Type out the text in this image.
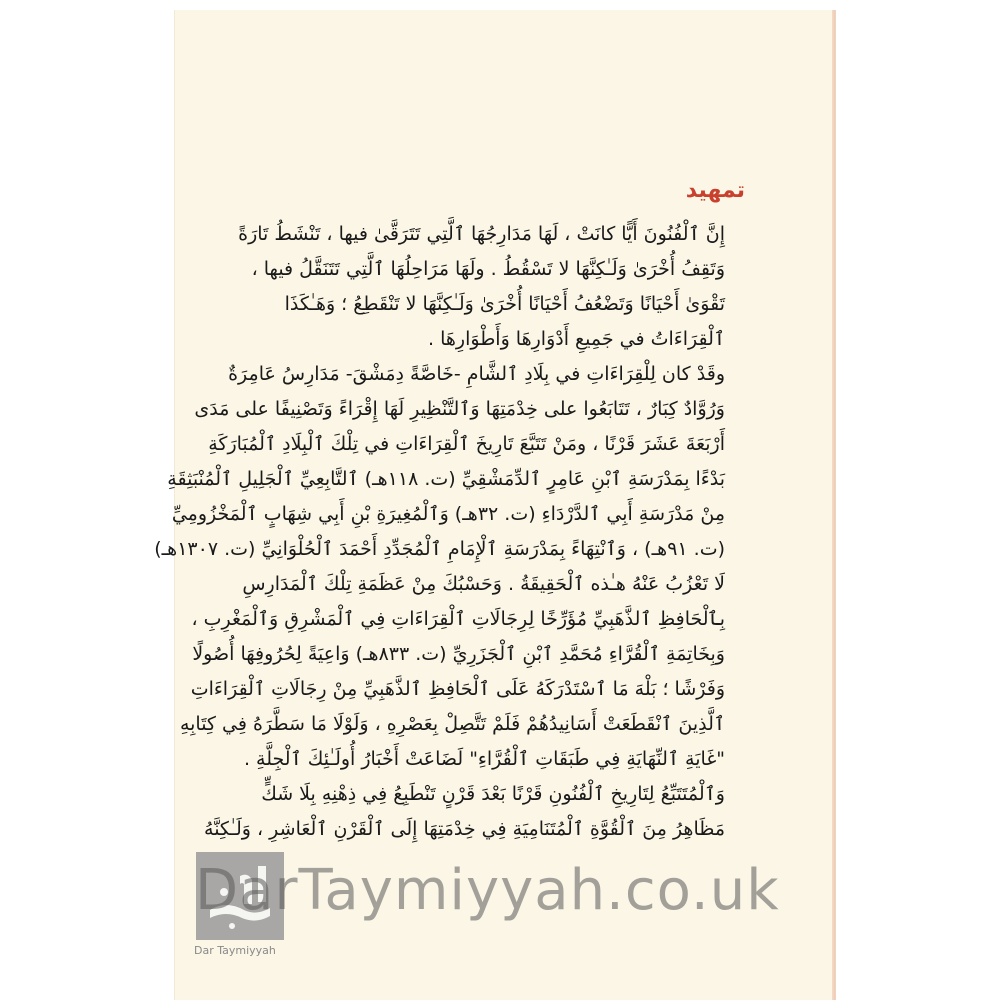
تمهيد

إِنَّ ٱلْفُنُونَ أَيًّا كانَتْ ، لَهَا مَدَارِجُهَا ٱلَّتِي تَتَرَقَّىٰ فيها ، تَنْشَطُ تَارَةً
وَتَقِفُ أُخْرَىٰ وَلَـٰكِنَّهَا لا تَسْقُطُ . ولَهَا مَرَاحِلُهَا ٱلَّتِي تَتَنَقَّلُ فيها ،
تَقْوَىٰ أَحْيَانًا وَتَضْعُفُ أَحْيَانًا أُخْرَىٰ وَلَـٰكِنَّهَا لا تَنْقَطِعُ ؛ وَهَـٰكَذَا
ٱلْقِرَاءَاتُ في جَمِيعِ أَدْوَارِهَا وَأَطْوَارِهَا .

وقَدْ كان لِلْقِرَاءَاتِ في بِلَادِ ٱلشَّامِ -خَاصَّةً دِمَشْقَ- مَدَارِسُ عَامِرَةٌ
وَرُوَّادٌ كِبَارٌ ، تَتَابَعُوا على خِدْمَتِهَا وَٱلتَّنْظِيرِ لَهَا إِقْرَاءً وَتَصْنِيفًا على مَدَى
أَرْبَعَةَ عَشَرَ قَرْنًا ، ومَنْ تَتَبَّعَ تَارِيخَ ٱلْقِرَاءَاتِ في تِلْكَ ٱلْبِلَادِ ٱلْمُبَارَكَةِ
بَدْءًا بِمَدْرَسَةِ ٱبْنِ عَامِرٍ ٱلدِّمَشْقِيِّ (ت. ١١٨هـ) ٱلتَّابِعِيِّ ٱلْجَلِيلِ ٱلْمُنْبَثِقَةِ
مِنْ مَدْرَسَةِ أَبِي ٱلدَّرْدَاءِ (ت. ٣٢هـ) وَٱلْمُغِيرَةِ بْنِ أَبِي شِهَابٍ ٱلْمَخْزُومِيِّ
(ت. ٩١هـ) ، وَٱنْتِهَاءً بِمَدْرَسَةِ ٱلْإِمَامِ ٱلْمُجَدِّدِ أَحْمَدَ ٱلْحُلْوَانِيِّ (ت. ١٣٠٧هـ)
لَا تَعْزُبُ عَنْهُ هـٰذه ٱلْحَقِيقَةُ . وَحَسْبُكَ مِنْ عَظَمَةِ تِلْكَ ٱلْمَدَارِسِ
بِٱلْحَافِظِ ٱلذَّهَبِيِّ مُؤَرِّخًا لِرِجَالَاتِ ٱلْقِرَاءَاتِ فِي ٱلْمَشْرِقِ وَٱلْمَغْرِبِ ،
وَبِخَاتِمَةِ ٱلْقُرَّاءِ مُحَمَّدِ ٱبْنِ ٱلْجَزَرِيِّ (ت. ٨٣٣هـ) وَاعِيَةً لِحُرُوفِهَا أُصُولًا
وَفَرْشًا ؛ بَلْهَ مَا ٱسْتَدْرَكَهُ عَلَى ٱلْحَافِظِ ٱلذَّهَبِيِّ مِنْ رِجَالَاتِ ٱلْقِرَاءَاتِ
ٱلَّذِينَ ٱنْقَطَعَتْ أَسَانِيدُهُمْ فَلَمْ تَتَّصِلْ بِعَصْرِهِ ، وَلَوْلَا مَا سَطَّرَهُ فِي كِتَابِهِ
"غَايَةِ ٱلنِّهَايَةِ فِي طَبَقَاتِ ٱلْقُرَّاءِ" لَضَاعَتْ أَخْبَارُ أُولَـٰئِكَ ٱلْجِلَّةِ .

وَٱلْمُتَتَبِّعُ لِتَارِيخِ ٱلْفُنُونِ قَرْنًا بَعْدَ قَرْنٍ تَنْطَبِعُ فِي ذِهْنِهِ بِلَا شَكٍّ
مَظَاهِرُ مِنَ ٱلْقُوَّةِ ٱلْمُتَنَامِيَةِ فِي خِدْمَتِهَا إِلَى ٱلْقَرْنِ ٱلْعَاشِرِ ، وَلَـٰكِنَّهُ

Dar Taymiyyah
DarTaymiyyah.co.uk
